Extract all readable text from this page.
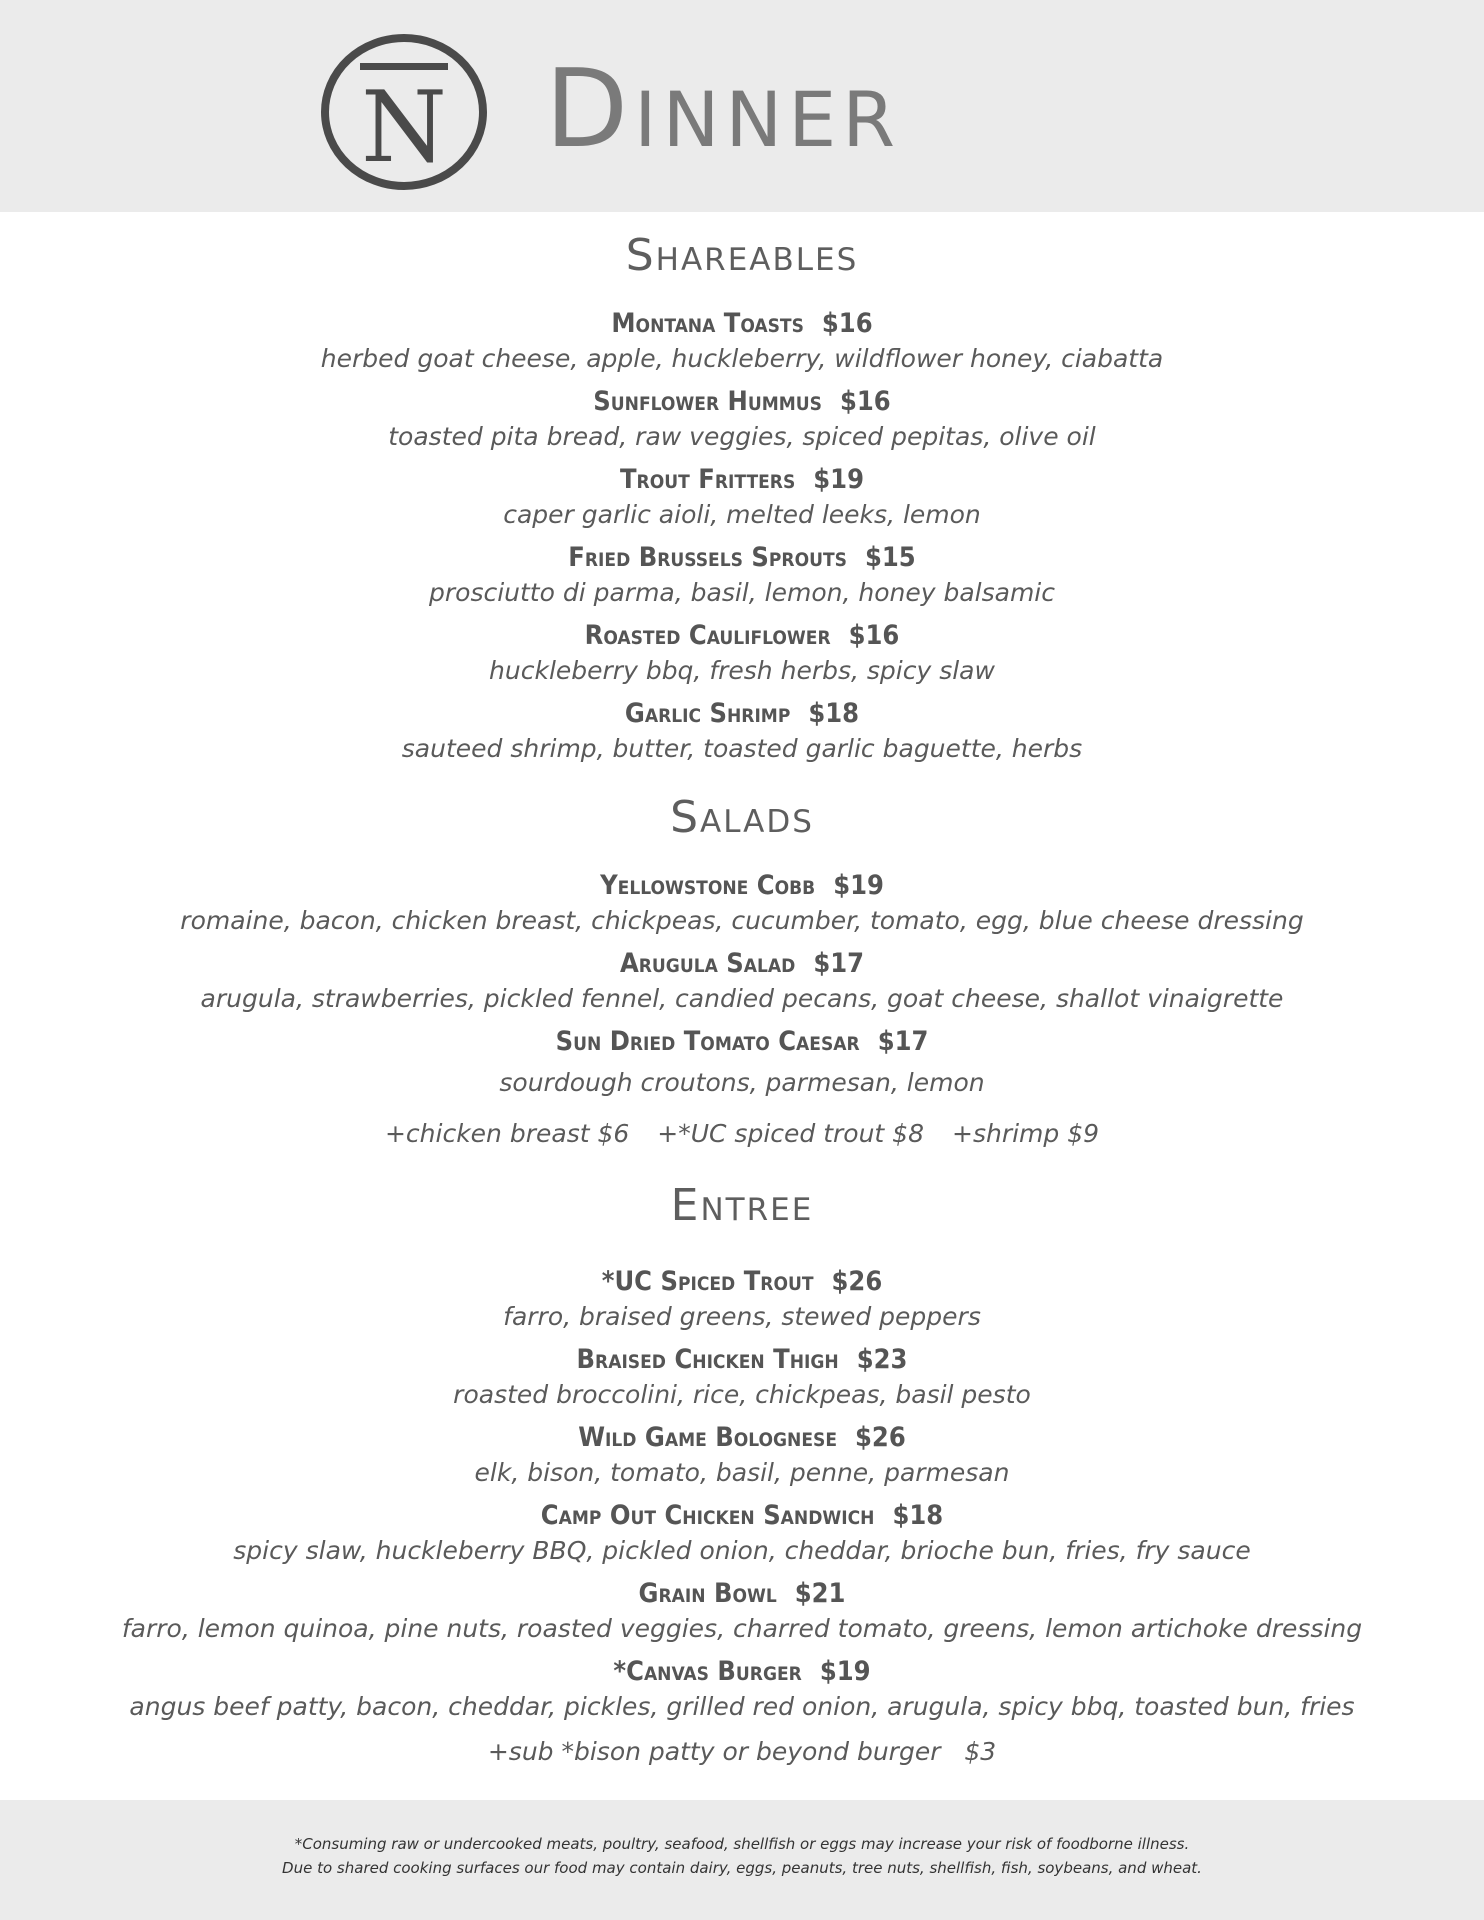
N Dinner
Shareables
Montana Toasts $16
herbed goat cheese, apple, huckleberry, wildflower honey, ciabatta
Sunflower Hummus $16
toasted pita bread, raw veggies, spiced pepitas, olive oil
Trout Fritters $19
caper garlic aioli, melted leeks, lemon
Fried Brussels Sprouts $15
prosciutto di parma, basil, lemon, honey balsamic
Roasted Cauliflower $16
huckleberry bbq, fresh herbs, spicy slaw
Garlic Shrimp $18
sauteed shrimp, butter, toasted garlic baguette, herbs
Salads
Yellowstone Cobb $19
romaine, bacon, chicken breast, chickpeas, cucumber, tomato, egg, blue cheese dressing
Arugula Salad $17
arugula, strawberries, pickled fennel, candied pecans, goat cheese, shallot vinaigrette
Sun Dried Tomato Caesar $17
sourdough croutons, parmesan, lemon
+chicken breast $6 +*UC spiced trout $8 +shrimp $9
Entree
*UC Spiced Trout $26
farro, braised greens, stewed peppers
Braised Chicken Thigh $23
roasted broccolini, rice, chickpeas, basil pesto
Wild Game Bolognese $26
elk, bison, tomato, basil, penne, parmesan
Camp Out Chicken Sandwich $18
spicy slaw, huckleberry BBQ, pickled onion, cheddar, brioche bun, fries, fry sauce
Grain Bowl $21
farro, lemon quinoa, pine nuts, roasted veggies, charred tomato, greens, lemon artichoke dressing
*Canvas Burger $19
angus beef patty, bacon, cheddar, pickles, grilled red onion, arugula, spicy bbq, toasted bun, fries
+sub *bison patty or beyond burger   $3

*Consuming raw or undercooked meats, poultry, seafood, shellfish or eggs may increase your risk of foodborne illness.

Due to shared cooking surfaces our food may contain dairy, eggs, peanuts, tree nuts, shellfish, fish, soybeans, and wheat.
